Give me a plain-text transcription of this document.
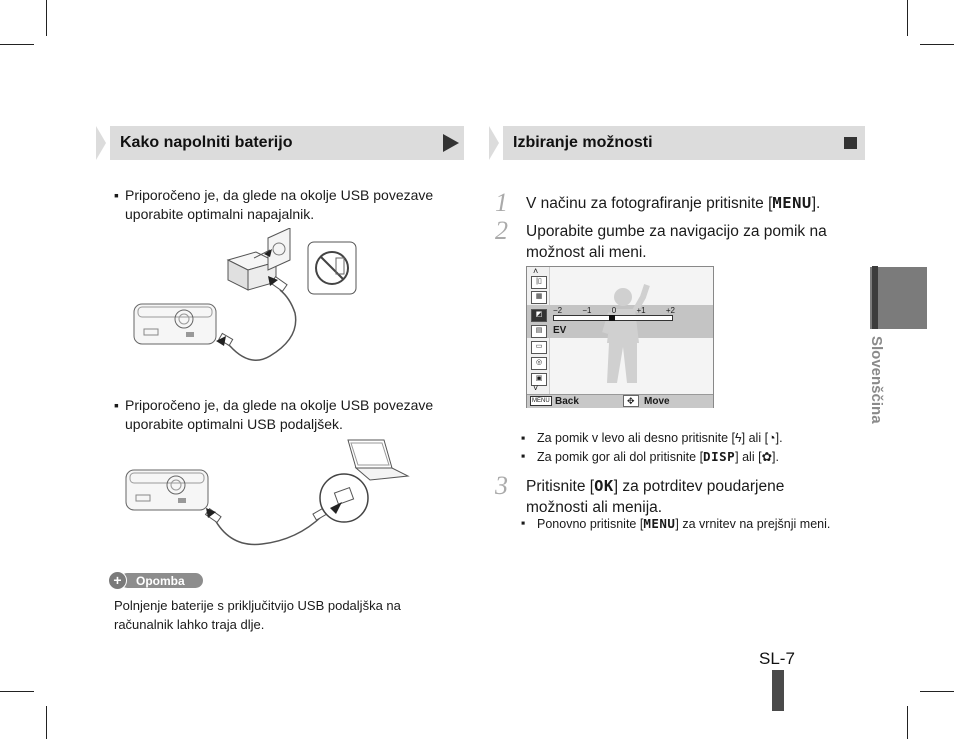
Kako napolniti baterijo	Izbiranje možnosti
▪ Priporočeno je, da glede na okolje USB povezave uporabite optimalni napajalnik.
▪ Priporočeno je, da glede na okolje USB povezave uporabite optimalni USB podaljšek.
+	Opomba
Polnjenje baterije s priključitvijo USB podaljška na računalnik lahko traja dlje.
1 V načinu za fotografiranje pritisnite [MENU].
2 Uporabite gumbe za navigacijo za pomik na možnost ali meni.
˄
|▯
▦
◩
▤
▭
◎
▣
˅
−2	−1	0	+1	+2
EV
MENU Back	✥ Move
▪ Za pomik v levo ali desno pritisnite [ϟ] ali [◔].
▪ Za pomik gor ali dol pritisnite [DISP] ali [✿].
3 Pritisnite [OK] za potrditev poudarjene možnosti ali menija.
▪ Ponovno pritisnite [MENU] za vrnitev na prejšnji meni.
Slovenščina
SL-7
